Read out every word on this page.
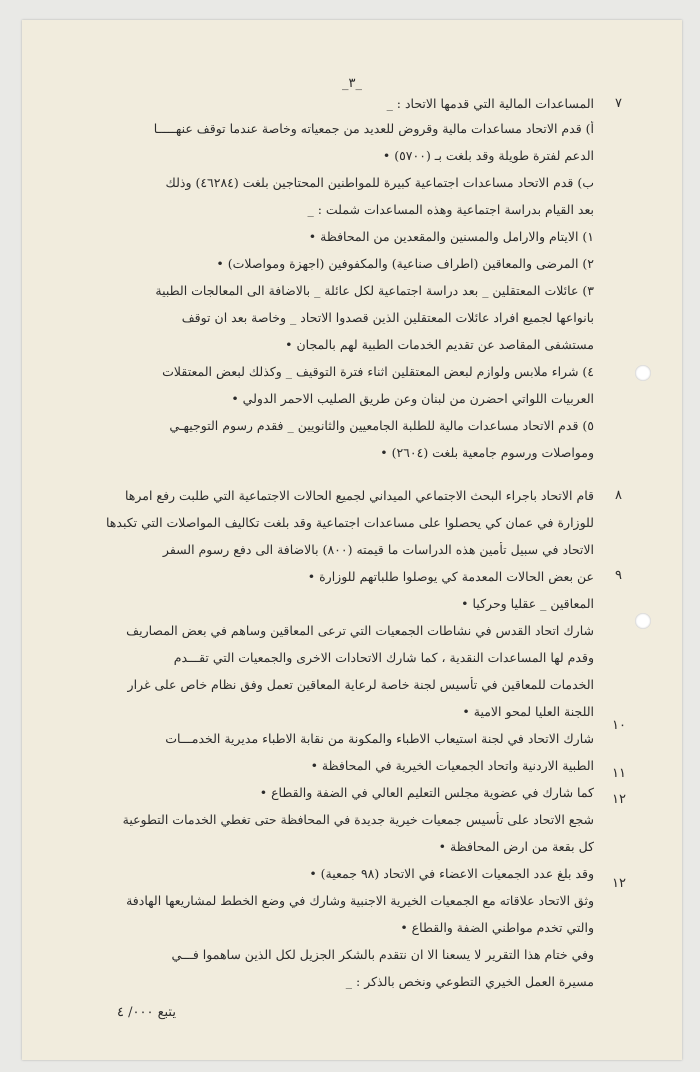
_٣_
٧
٨
٩
١٠
١١
١٢
١٢
المساعدات المالية التي قدمها الاتحاد : _
أ) قدم الاتحاد مساعدات مالية وقروض للعديد من جمعياته وخاصة عندما توقف عنهـــــا
الدعم لفترة طويلة وقد بلغت بـ (٥٧٠٠) •
ب) قدم الاتحاد مساعدات اجتماعية كبيرة للمواطنين المحتاجين بلغت (٤٦٢٨٤) وذلك
بعد القيام بدراسة اجتماعية وهذه المساعدات شملت : _
١) الايتام والارامل والمسنين والمقعدين من المحافظة •
٢) المرضى والمعاقين (اطراف صناعية) والمكفوفين (اجهزة ومواصلات) •
٣) عائلات المعتقلين _ بعد دراسة اجتماعية لكل عائلة _ بالاضافة الى المعالجات الطبية
بانواعها لجميع افراد عائلات المعتقلين الذين قصدوا الاتحاد _ وخاصة بعد ان توقف
مستشفى المقاصد عن تقديم الخدمات الطبية لهم بالمجان •
٤) شراء ملابس ولوازم لبعض المعتقلين اثناء فترة التوقيف _ وكذلك لبعض المعتقلات
العربيات اللواتي احضرن من لبنان وعن طريق الصليب الاحمر الدولي •
٥) قدم الاتحاد مساعدات مالية للطلبة الجامعيين والثانويين _ فقدم رسوم التوجيهـي
ومواصلات ورسوم جامعية بلغت (٢٦٠٤) •
قام الاتحاد باجراء البحث الاجتماعي الميداني لجميع الحالات الاجتماعية التي طلبت رفع امرها
للوزارة في عمان كي يحصلوا على مساعدات اجتماعية وقد بلغت تكاليف المواصلات التي تكبدها
الاتحاد في سبيل تأمين هذه الدراسات ما قيمته (٨٠٠) بالاضافة الى دفع رسوم السفر
عن بعض الحالات المعدمة كي يوصلوا طلباتهم للوزارة •
المعاقين _ عقليا وحركيا •
شارك اتحاد القدس في نشاطات الجمعيات التي ترعى المعاقين وساهم في بعض المصاريف
وقدم لها المساعدات النقدية ، كما شارك الاتحادات الاخرى والجمعيات التي تقـــدم
الخدمات للمعاقين في تأسيس لجنة خاصة لرعاية المعاقين تعمل وفق نظام خاص على غرار
اللجنة العليا لمحو الامية •
شارك الاتحاد في لجنة استيعاب الاطباء والمكونة من نقابة الاطباء مديرية الخدمـــات
الطبية الاردنية واتحاد الجمعيات الخيرية في المحافظة •
كما شارك في عضوية مجلس التعليم العالي في الضفة والقطاع •
شجع الاتحاد على تأسيس جمعيات خيرية جديدة في المحافظة حتى تغطي الخدمات التطوعية
كل بقعة من ارض المحافظة •
وقد بلغ عدد الجمعيات الاعضاء في الاتحاد (٩٨ جمعية) •
وثق الاتحاد علاقاته مع الجمعيات الخيرية الاجنبية وشارك في وضع الخطط لمشاريعها الهادفة
والتي تخدم مواطني الضفة والقطاع •
وفي ختام هذا التقرير لا يسعنا الا ان نتقدم بالشكر الجزيل لكل الذين ساهموا فـــي
مسيرة العمل الخيري التطوعي ونخص بالذكر : _
يتبع ٠٠٠/ ٤
